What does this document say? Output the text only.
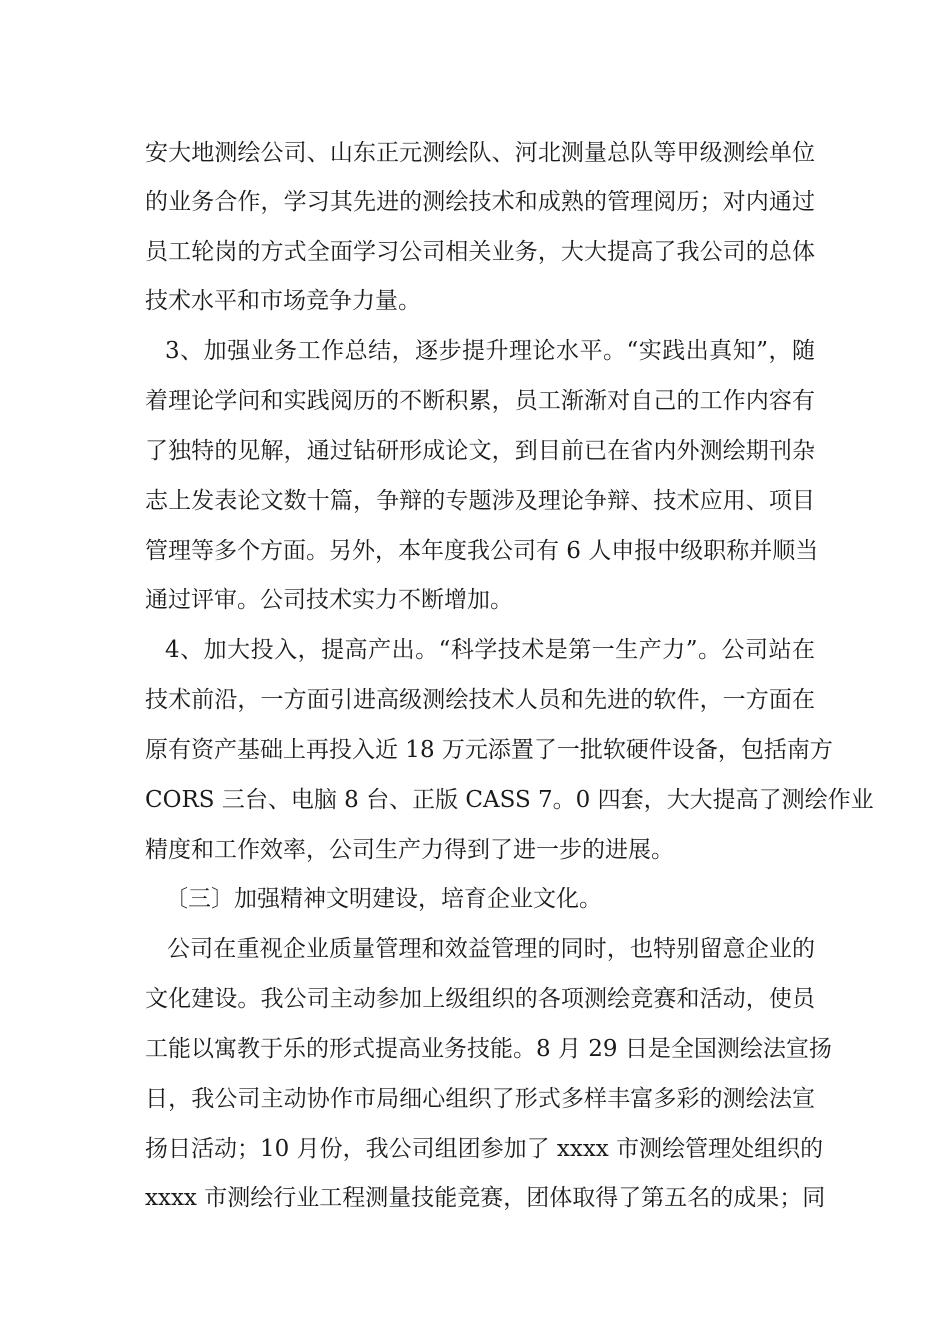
安大地测绘公司、山东正元测绘队、河北测量总队等甲级测绘单位
的业务合作，学习其先进的测绘技术和成熟的管理阅历；对内通过
员工轮岗的方式全面学习公司相关业务，大大提高了我公司的总体
技术水平和市场竞争力量。
3、加强业务工作总结，逐步提升理论水平。“实践出真知”，随
着理论学问和实践阅历的不断积累，员工渐渐对自己的工作内容有
了独特的见解，通过钻研形成论文，到目前已在省内外测绘期刊杂
志上发表论文数十篇，争辩的专题涉及理论争辩、技术应用、项目
管理等多个方面。另外，本年度我公司有 6 人申报中级职称并顺当
通过评审。公司技术实力不断增加。
4、加大投入，提高产出。“科学技术是第一生产力”。公司站在
技术前沿，一方面引进高级测绘技术人员和先进的软件，一方面在
原有资产基础上再投入近 18 万元添置了一批软硬件设备，包括南方
CORS 三台、电脑 8 台、正版 CASS 7。0 四套，大大提高了测绘作业
精度和工作效率，公司生产力得到了进一步的进展。
〔三〕加强精神文明建设，培育企业文化。
公司在重视企业质量管理和效益管理的同时，也特别留意企业的
文化建设。我公司主动参加上级组织的各项测绘竞赛和活动，使员
工能以寓教于乐的形式提高业务技能。8 月 29 日是全国测绘法宣扬
日，我公司主动协作市局细心组织了形式多样丰富多彩的测绘法宣
扬日活动；10 月份，我公司组团参加了 xxxx 市测绘管理处组织的
xxxx 市测绘行业工程测量技能竞赛，团体取得了第五名的成果；同
